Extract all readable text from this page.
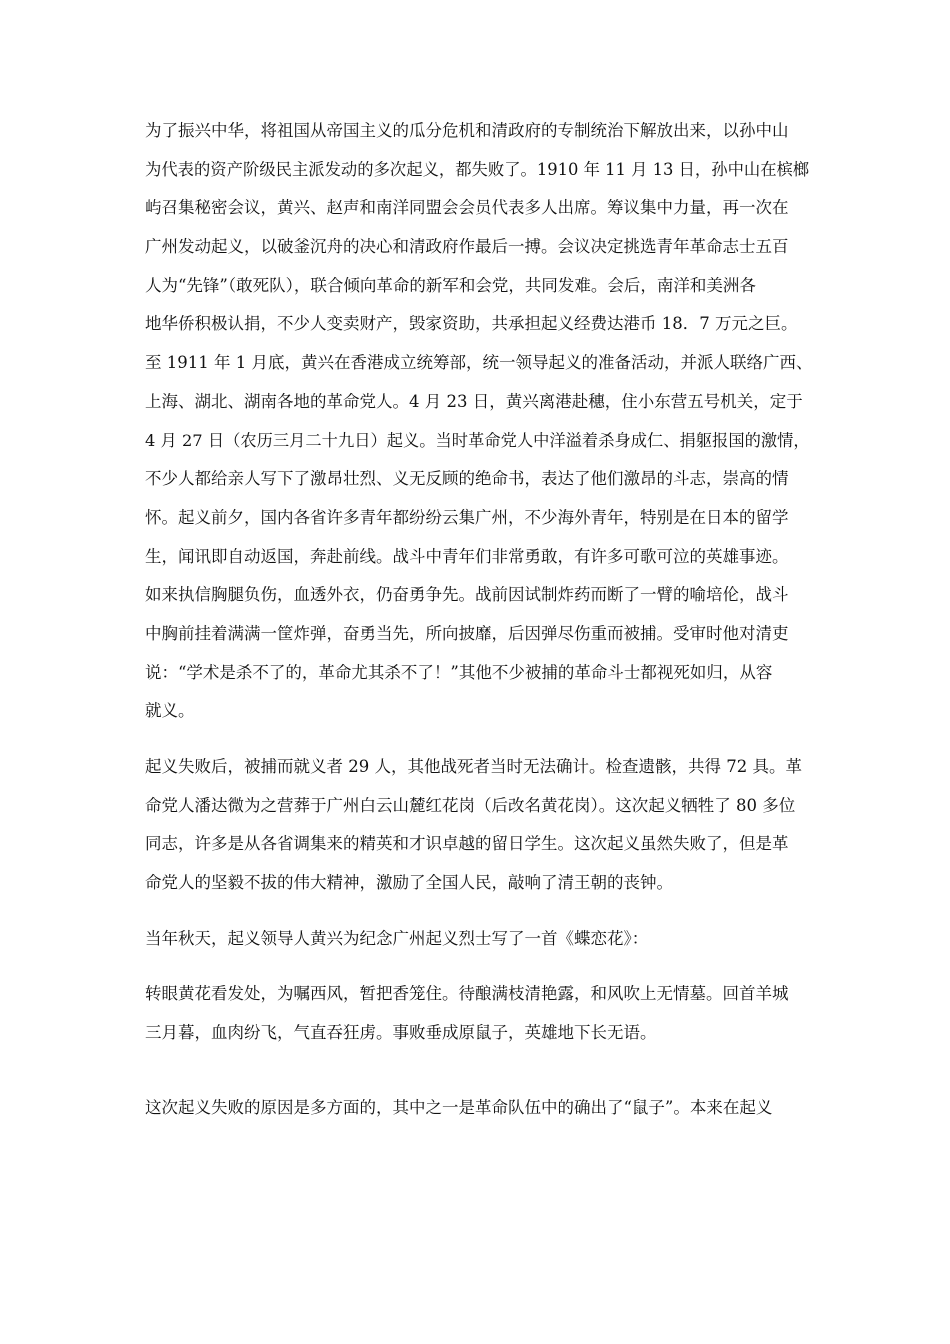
为了振兴中华，将祖国从帝国主义的瓜分危机和清政府的专制统治下解放出来，以孙中山
为代表的资产阶级民主派发动的多次起义，都失败了。1910 年 11 月 13 日，孙中山在槟榔
屿召集秘密会议，黄兴、赵声和南洋同盟会会员代表多人出席。筹议集中力量，再一次在
广州发动起义，以破釜沉舟的决心和清政府作最后一搏。会议决定挑选青年革命志士五百
人为“先锋”（敢死队），联合倾向革命的新军和会党，共同发难。会后，南洋和美洲各
地华侨积极认捐，不少人变卖财产，毁家资助，共承担起义经费达港币 18．7 万元之巨。
至 1911 年 1 月底，黄兴在香港成立统筹部，统一领导起义的准备活动，并派人联络广西、
上海、湖北、湖南各地的革命党人。4 月 23 日，黄兴离港赴穗，住小东营五号机关，定于
4 月 27 日（农历三月二十九日）起义。当时革命党人中洋溢着杀身成仁、捐躯报国的激情，
不少人都给亲人写下了激昂壮烈、义无反顾的绝命书，表达了他们激昂的斗志，崇高的情
怀。起义前夕，国内各省许多青年都纷纷云集广州，不少海外青年，特别是在日本的留学
生，闻讯即自动返国，奔赴前线。战斗中青年们非常勇敢，有许多可歌可泣的英雄事迹。
如来执信胸腿负伤，血透外衣，仍奋勇争先。战前因试制炸药而断了一臂的喻培伦，战斗
中胸前挂着满满一筐炸弹，奋勇当先，所向披靡，后因弹尽伤重而被捕。受审时他对清吏
说：“学术是杀不了的，革命尤其杀不了！”其他不少被捕的革命斗士都视死如归，从容
就义。
起义失败后，被捕而就义者 29 人，其他战死者当时无法确计。检查遗骸，共得 72 具。革
命党人潘达微为之营葬于广州白云山麓红花岗（后改名黄花岗）。这次起义牺牲了 80 多位
同志，许多是从各省调集来的精英和才识卓越的留日学生。这次起义虽然失败了，但是革
命党人的坚毅不拔的伟大精神，激励了全国人民，敲响了清王朝的丧钟。
当年秋天，起义领导人黄兴为纪念广州起义烈士写了一首《蝶恋花》：
转眼黄花看发处，为嘱西风，暂把香笼住。待酿满枝清艳露，和风吹上无情墓。回首羊城
三月暮，血肉纷飞，气直吞狂虏。事败垂成原鼠子，英雄地下长无语。
这次起义失败的原因是多方面的，其中之一是革命队伍中的确出了“鼠子”。本来在起义
